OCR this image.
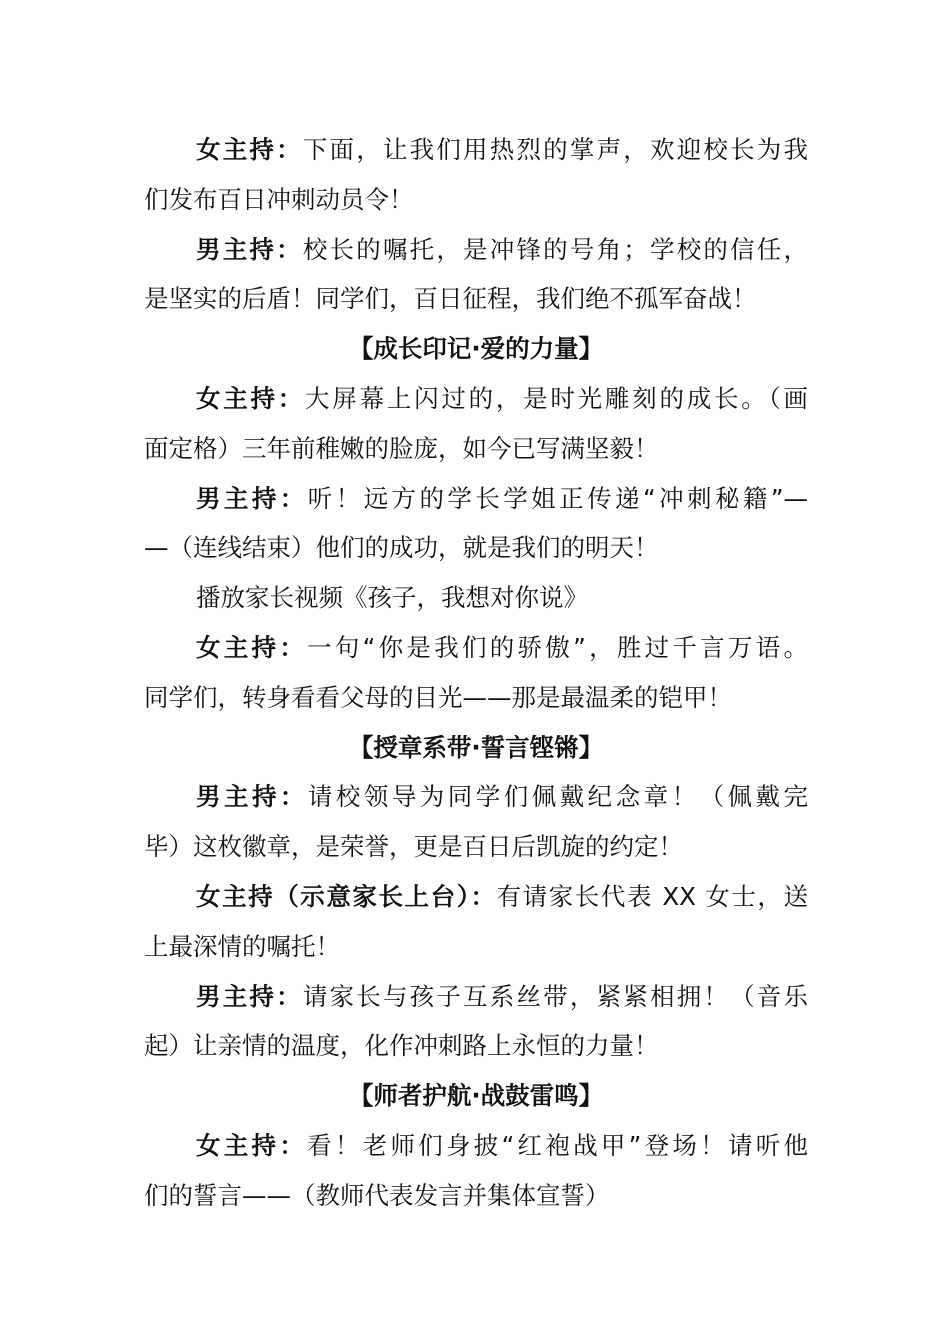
女主持：下面，让我们用热烈的掌声，欢迎校长为我
们发布百日冲刺动员令！
男主持：校长的嘱托，是冲锋的号角；学校的信任，
是坚实的后盾！同学们，百日征程，我们绝不孤军奋战！
【成长印记·爱的力量】
女主持：大屏幕上闪过的，是时光雕刻的成长。（画
面定格）三年前稚嫩的脸庞，如今已写满坚毅！
男主持：听！远方的学长学姐正传递“冲刺秘籍”—
—（连线结束）他们的成功，就是我们的明天！
播放家长视频《孩子，我想对你说》
女主持：一句“你是我们的骄傲”，胜过千言万语。
同学们，转身看看父母的目光——那是最温柔的铠甲！
【授章系带·誓言铿锵】
男主持：请校领导为同学们佩戴纪念章！（佩戴完
毕）这枚徽章，是荣誉，更是百日后凯旋的约定！
女主持（示意家长上台）：有请家长代表 XX 女士，送
上最深情的嘱托！
男主持：请家长与孩子互系丝带，紧紧相拥！（音乐
起）让亲情的温度，化作冲刺路上永恒的力量！
【师者护航·战鼓雷鸣】
女主持：看！老师们身披“红袍战甲”登场！请听他
们的誓言——（教师代表发言并集体宣誓）
